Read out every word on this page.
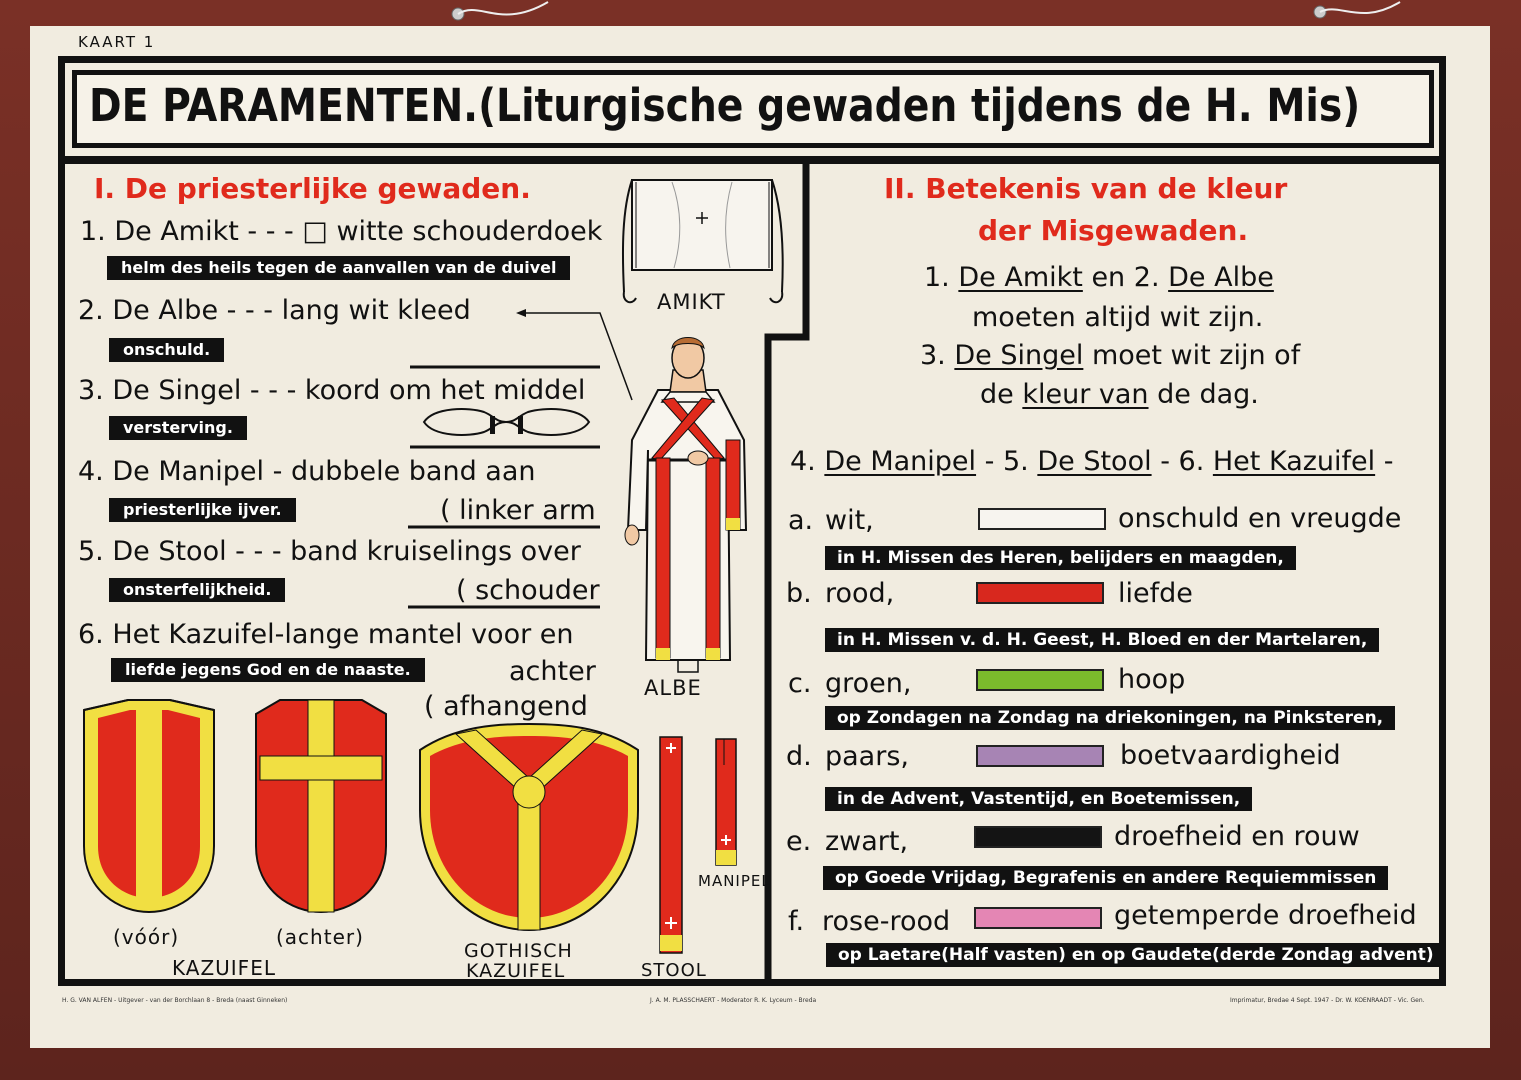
KAART 1
DE PARAMENTEN.(Liturgische gewaden tijdens de H. Mis)
I. De priesterlijke gewaden.
1. De Amikt - - - □ witte schouderdoek
helm des heils tegen de aanvallen van de duivel
2. De Albe - - - lang wit kleed
onschuld.
3. De Singel - - - koord om het middel
versterving.
4. De Manipel - dubbele band aan
priesterlijke ijver.	( linker arm
5. De Stool - - - band kruiselings over
onsterfelijkheid.	( schouder
6. Het Kazuifel-lange mantel voor en
liefde jegens God en de naaste.	achter
( afhangend
AMIKT
ALBE
(vóór)	(achter)
KAZUIFEL
GOTHISCH
KAZUIFEL	STOOL
MANIPEL
II. Betekenis van de kleur
der Misgewaden.
1. De Amikt en 2. De Albe
moeten altijd wit zijn.
3. De Singel moet wit zijn of
de kleur van de dag.
4. De Manipel - 5. De Stool - 6. Het Kazuifel -
a. wit,	onschuld en vreugde
in H. Missen des Heren, belijders en maagden,
b. rood,	liefde
in H. Missen v. d. H. Geest, H. Bloed en der Martelaren,
c. groen,	hoop
op Zondagen na Zondag na driekoningen, na Pinksteren,
d. paars,	boetvaardigheid
in de Advent, Vastentijd, en Boetemissen,
e. zwart,	droefheid en rouw
op Goede Vrijdag, Begrafenis en andere Requiemmissen
f. rose-rood	getemperde droefheid
op Laetare(Half vasten) en op Gaudete(derde Zondag advent)
H. G. VAN ALFEN - Uitgever - van der Borchlaan 8 - Breda (naast Ginneken)	J. A. M. PLASSCHAERT - Moderator R. K. Lyceum - Breda	Imprimatur, Bredae 4 Sept. 1947 - Dr. W. KOENRAADT - Vic. Gen.
